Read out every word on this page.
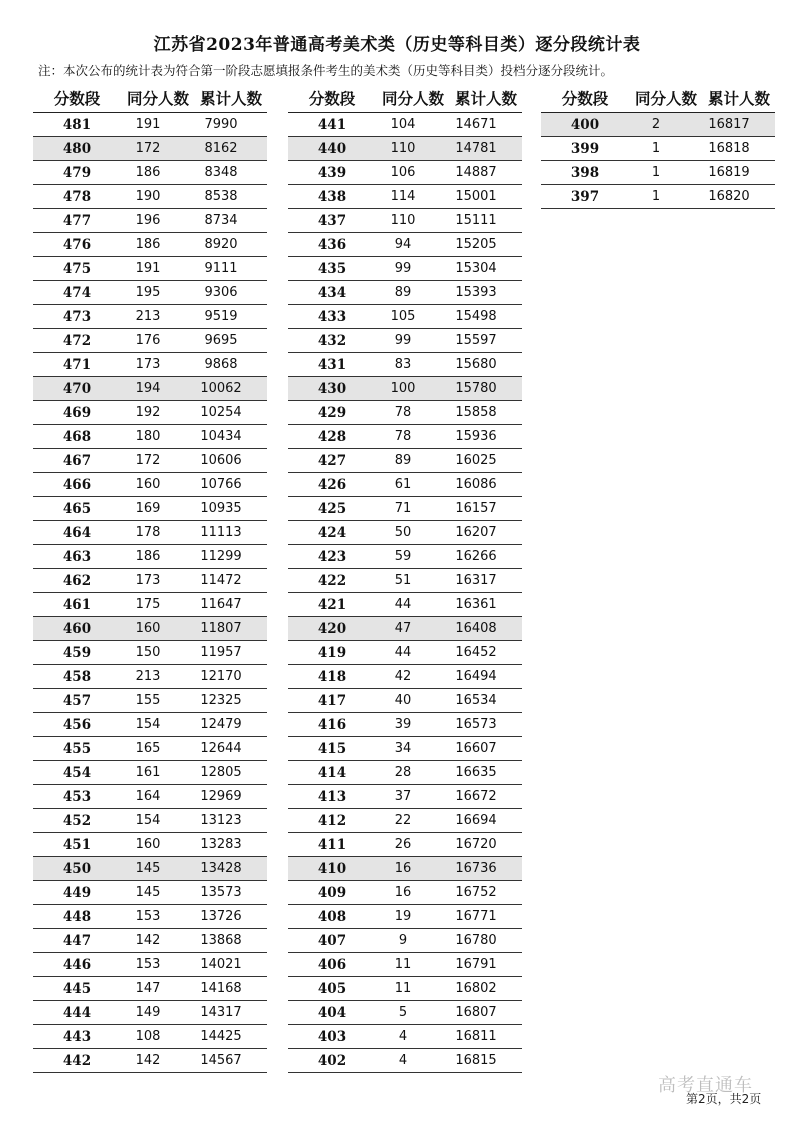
江苏省2023年普通高考美术类（历史等科目类）逐分段统计表
注：本次公布的统计表为符合第一阶段志愿填报条件考生的美术类（历史等科目类）投档分逐分段统计。
分数段	同分人数 累计人数
481	191	7990
480	172	8162
479	186	8348
478	190	8538
477	196	8734
476	186	8920
475	191	9111
474	195	9306
473	213	9519
472	176	9695
471	173	9868
470	194	10062
469	192	10254
468	180	10434
467	172	10606
466	160	10766
465	169	10935
464	178	11113
463	186	11299
462	173	11472
461	175	11647
460	160	11807
459	150	11957
458	213	12170
457	155	12325
456	154	12479
455	165	12644
454	161	12805
453	164	12969
452	154	13123
451	160	13283
450	145	13428
449	145	13573
448	153	13726
447	142	13868
446	153	14021
445	147	14168
444	149	14317
443	108	14425
442	142	14567
分数段	同分人数 累计人数
441	104	14671
440	110	14781
439	106	14887
438	114	15001
437	110	15111
436	94	15205
435	99	15304
434	89	15393
433	105	15498
432	99	15597
431	83	15680
430	100	15780
429	78	15858
428	78	15936
427	89	16025
426	61	16086
425	71	16157
424	50	16207
423	59	16266
422	51	16317
421	44	16361
420	47	16408
419	44	16452
418	42	16494
417	40	16534
416	39	16573
415	34	16607
414	28	16635
413	37	16672
412	22	16694
411	26	16720
410	16	16736
409	16	16752
408	19	16771
407	9	16780
406	11	16791
405	11	16802
404	5	16807
403	4	16811
402	4	16815
分数段	同分人数 累计人数
400	2	16817
399	1	16818
398	1	16819
397	1	16820
高考直通车
第2页，共2页
